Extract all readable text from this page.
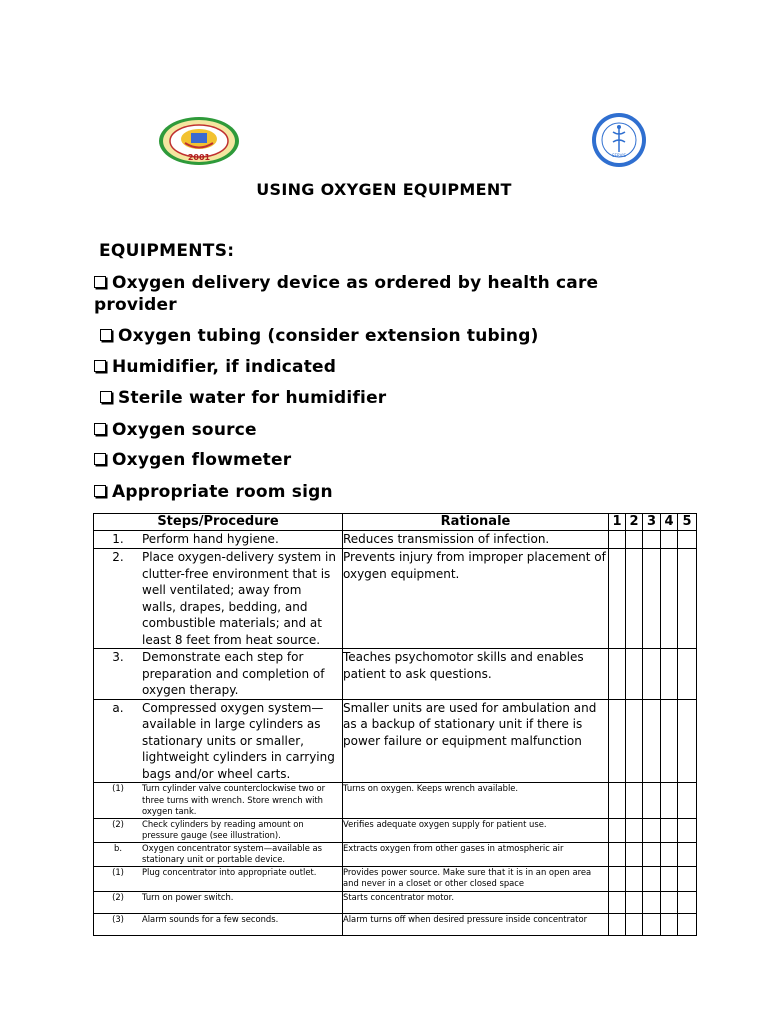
2001	SERVIS
USING OXYGEN EQUIPMENT
EQUIPMENTS:
Oxygen delivery device as ordered by health care
provider
Oxygen tubing (consider extension tubing)
Humidifier, if indicated
Sterile water for humidifier
Oxygen source
Oxygen flowmeter
Appropriate room sign
Steps/Procedure	Rationale	1	2	3	4	5

1. Perform hand hygiene.	Reduces transmission of infection.					

2. Place oxygen-delivery system in clutter-free environment that is well ventilated; away from walls, drapes, bedding, and combustible materials; and at least 8 feet from heat source.	Prevents injury from improper placement of oxygen equipment.					

3. Demonstrate each step for preparation and completion of oxygen therapy.	Teaches psychomotor skills and enables patient to ask questions.					

a. Compressed oxygen system—available in large cylinders as stationary units or smaller, lightweight cylinders in carrying bags and/or wheel carts.	Smaller units are used for ambulation and as a backup of stationary unit if there is power failure or equipment malfunction					

(1) Turn cylinder valve counterclockwise two or three turns with wrench. Store wrench with oxygen tank.	Turns on oxygen. Keeps wrench available.					

(2) Check cylinders by reading amount on pressure gauge (see illustration).	Verifies adequate oxygen supply for patient use.					

b. Oxygen concentrator system—available as stationary unit or portable device.	Extracts oxygen from other gases in atmospheric air					

(1) Plug concentrator into appropriate outlet.	Provides power source. Make sure that it is in an open area and never in a closet or other closed space					

(2) Turn on power switch.	Starts concentrator motor.					

(3) Alarm sounds for a few seconds.	Alarm turns off when desired pressure inside concentrator					
